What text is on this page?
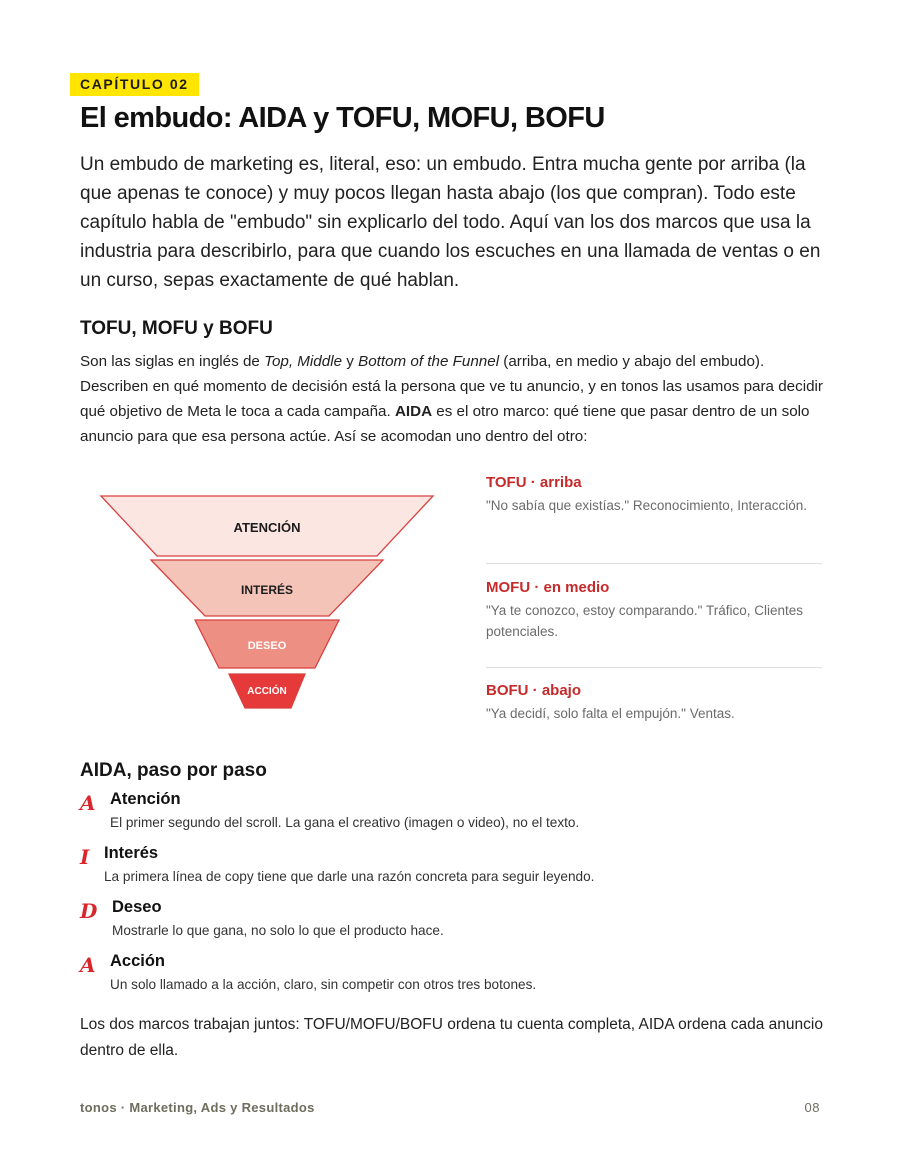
CAPÍTULO 02
El embudo: AIDA y TOFU, MOFU, BOFU

Un embudo de marketing es, literal, eso: un embudo. Entra mucha gente por arriba (la que apenas te conoce) y muy pocos llegan hasta abajo (los que compran). Todo este capítulo habla de "embudo" sin explicarlo del todo. Aquí van los dos marcos que usa la industria para describirlo, para que cuando los escuches en una llamada de ventas o en un curso, sepas exactamente de qué hablan.

TOFU, MOFU y BOFU

Son las siglas en inglés de Top, Middle y Bottom of the Funnel (arriba, en medio y abajo del embudo). Describen en qué momento de decisión está la persona que ve tu anuncio, y en tonos las usamos para decidir qué objetivo de Meta le toca a cada campaña. AIDA es el otro marco: qué tiene que pasar dentro de un solo anuncio para que esa persona actúe. Así se acomodan uno dentro del otro:

ATENCIÓN
INTERÉS
DESEO
ACCIÓN

TOFU · arriba

"No sabía que existías." Reconocimiento, Interacción.

MOFU · en medio

"Ya te conozco, estoy comparando." Tráfico, Clientes potenciales.

BOFU · abajo

"Ya decidí, solo falta el empujón." Ventas.

AIDA, paso por paso
A Atención
El primer segundo del scroll. La gana el creativo (imagen o video), no el texto.
I Interés
La primera línea de copy tiene que darle una razón concreta para seguir leyendo.
D Deseo
Mostrarle lo que gana, no solo lo que el producto hace.
A Acción
Un solo llamado a la acción, claro, sin competir con otros tres botones.

Los dos marcos trabajan juntos: TOFU/MOFU/BOFU ordena tu cuenta completa, AIDA ordena cada anuncio dentro de ella.

tonos · Marketing, Ads y Resultados	08
